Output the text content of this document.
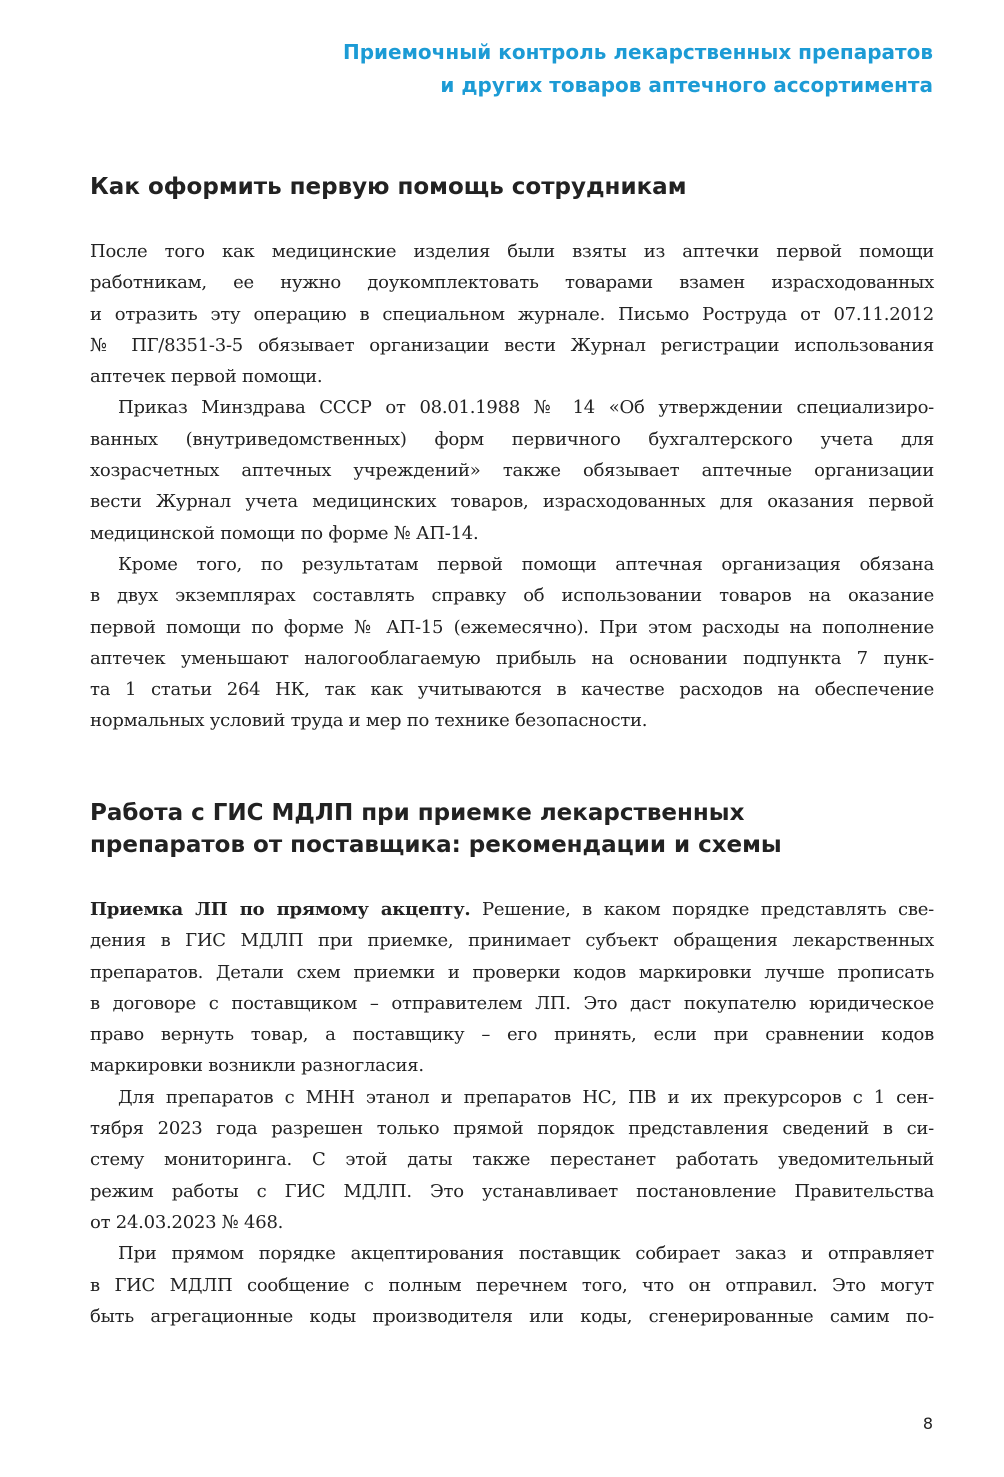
Приемочный контроль лекарственных препаратов
и других товаров аптечного ассортимента
Как оформить первую помощь сотрудникам
После того как медицинские изделия были взяты из аптечки первой помощи
работникам, ее нужно доукомплектовать товарами взамен израсходованных
и отразить эту операцию в специальном журнале. Письмо Роструда от 07.11.2012
№ ПГ/8351-3-5 обязывает организации вести Журнал регистрации использования
аптечек первой помощи.
Приказ Минздрава СССР от 08.01.1988 № 14 «Об утверждении специализиро-
ванных (внутриведомственных) форм первичного бухгалтерского учета для
хозрасчетных аптечных учреждений» также обязывает аптечные организации
вести Журнал учета медицинских товаров, израсходованных для оказания первой
медицинской помощи по форме № АП-14.
Кроме того, по результатам первой помощи аптечная организация обязана
в двух экземплярах составлять справку об использовании товаров на оказание
первой помощи по форме № АП-15 (ежемесячно). При этом расходы на пополнение
аптечек уменьшают налогооблагаемую прибыль на основании подпункта 7 пунк-
та 1 статьи 264 НК, так как учитываются в качестве расходов на обеспечение
нормальных условий труда и мер по технике безопасности.
Работа с ГИС МДЛП при приемке лекарственных
препаратов от поставщика: рекомендации и схемы
Приемка ЛП по прямому акцепту. Решение, в каком порядке представлять све-
дения в ГИС МДЛП при приемке, принимает субъект обращения лекарственных
препаратов. Детали схем приемки и проверки кодов маркировки лучше прописать
в договоре с поставщиком – отправителем ЛП. Это даст покупателю юридическое
право вернуть товар, а поставщику – его принять, если при сравнении кодов
маркировки возникли разногласия.
Для препаратов с МНН этанол и препаратов НС, ПВ и их прекурсоров с 1 сен-
тября 2023 года разрешен только прямой порядок представления сведений в си-
стему мониторинга. С этой даты также перестанет работать уведомительный
режим работы с ГИС МДЛП. Это устанавливает постановление Правительства
от 24.03.2023 № 468.
При прямом порядке акцептирования поставщик собирает заказ и отправляет
в ГИС МДЛП сообщение с полным перечнем того, что он отправил. Это могут
быть агрегационные коды производителя или коды, сгенерированные самим по-
8
